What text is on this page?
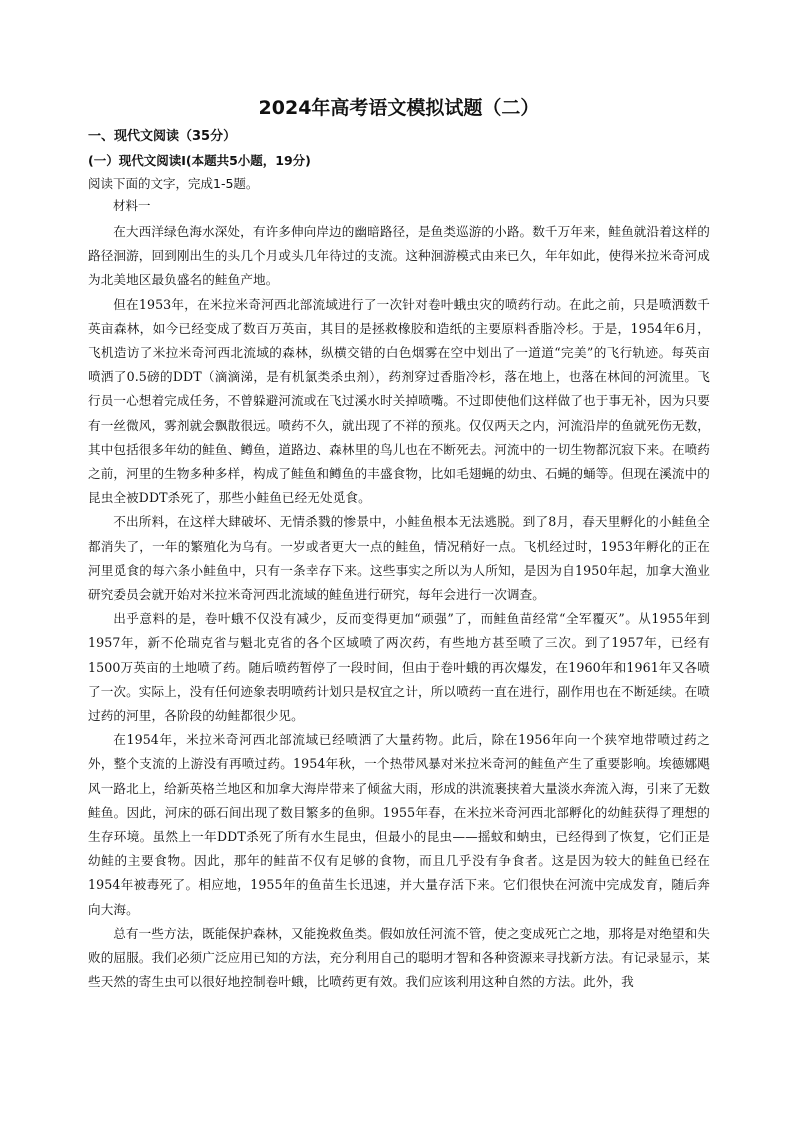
2024年高考语文模拟试题（二）
一、现代文阅读（35分）
(一）现代文阅读Ⅰ(本题共5小题，19分)
阅读下面的文字，完成1-5题。
材料一

在大西洋绿色海水深处，有许多伸向岸边的幽暗路径，是鱼类巡游的小路。数千万年来，鲑鱼就沿着这样的路径洄游，回到刚出生的头几个月或头几年待过的支流。这种洄游模式由来已久，年年如此，使得米拉米奇河成为北美地区最负盛名的鲑鱼产地。

但在1953年，在米拉米奇河西北部流域进行了一次针对卷叶蛾虫灾的喷药行动。在此之前，只是喷洒数千英亩森林，如今已经变成了数百万英亩，其目的是拯救橡胶和造纸的主要原料香脂冷杉。于是，1954年6月，飞机造访了米拉米奇河西北流域的森林，纵横交错的白色烟雾在空中划出了一道道“完美”的飞行轨迹。每英亩喷洒了0.5磅的DDT（滴滴涕，是有机氯类杀虫剂），药剂穿过香脂冷杉，落在地上，也落在林间的河流里。飞行员一心想着完成任务，不曾躲避河流或在飞过溪水时关掉喷嘴。不过即使他们这样做了也于事无补，因为只要有一丝微风，雾剂就会飘散很远。喷药不久，就出现了不祥的预兆。仅仅两天之内，河流沿岸的鱼就死伤无数，其中包括很多年幼的鲑鱼、鳟鱼，道路边、森林里的鸟儿也在不断死去。河流中的一切生物都沉寂下来。在喷药之前，河里的生物多种多样，构成了鲑鱼和鳟鱼的丰盛食物，比如毛翅蝇的幼虫、石蝇的蛹等。但现在溪流中的昆虫全被DDT杀死了，那些小鲑鱼已经无处觅食。

不出所料，在这样大肆破坏、无情杀戮的惨景中，小鲑鱼根本无法逃脱。到了8月，春天里孵化的小鲑鱼全都消失了，一年的繁殖化为乌有。一岁或者更大一点的鲑鱼，情况稍好一点。飞机经过时，1953年孵化的正在河里觅食的每六条小鲑鱼中，只有一条幸存下来。这些事实之所以为人所知，是因为自1950年起，加拿大渔业研究委员会就开始对米拉米奇河西北流域的鲑鱼进行研究，每年会进行一次调查。

出乎意料的是，卷叶蛾不仅没有减少，反而变得更加“顽强”了，而鲑鱼苗经常“全军覆灭”。从1955年到1957年，新不伦瑞克省与魁北克省的各个区域喷了两次药，有些地方甚至喷了三次。到了1957年，已经有1500万英亩的土地喷了药。随后喷药暂停了一段时间，但由于卷叶蛾的再次爆发，在1960年和1961年又各喷了一次。实际上，没有任何迹象表明喷药计划只是权宜之计，所以喷药一直在进行，副作用也在不断延续。在喷过药的河里，各阶段的幼鲑都很少见。

在1954年，米拉米奇河西北部流域已经喷洒了大量药物。此后，除在1956年向一个狭窄地带喷过药之外，整个支流的上游没有再喷过药。1954年秋，一个热带风暴对米拉米奇河的鲑鱼产生了重要影响。埃德娜飓风一路北上，给新英格兰地区和加拿大海岸带来了倾盆大雨，形成的洪流裹挟着大量淡水奔流入海，引来了无数鲑鱼。因此，河床的砾石间出现了数目繁多的鱼卵。1955年春，在米拉米奇河西北部孵化的幼鲑获得了理想的生存环境。虽然上一年DDT杀死了所有水生昆虫，但最小的昆虫——摇蚊和蚋虫，已经得到了恢复，它们正是幼鲑的主要食物。因此，那年的鲑苗不仅有足够的食物，而且几乎没有争食者。这是因为较大的鲑鱼已经在1954年被毒死了。相应地，1955年的鱼苗生长迅速，并大量存活下来。它们很快在河流中完成发育，随后奔向大海。

总有一些方法，既能保护森林，又能挽救鱼类。假如放任河流不管，使之变成死亡之地，那将是对绝望和失败的屈服。我们必须广泛应用已知的方法，充分利用自己的聪明才智和各种资源来寻找新方法。有记录显示，某些天然的寄生虫可以很好地控制卷叶蛾，比喷药更有效。我们应该利用这种自然的方法。此外，我
